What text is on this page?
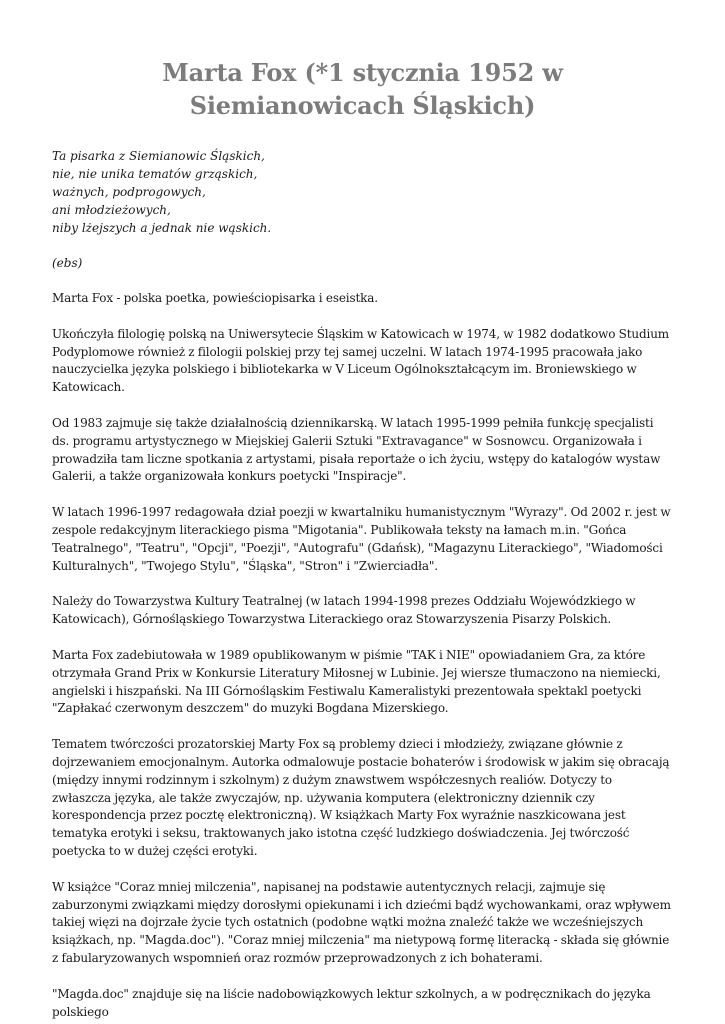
Marta Fox (*1 stycznia 1952 w Siemianowicach Śląskich)
Ta pisarka z Siemianowic Śląskich,
nie, nie unika tematów grząskich,
ważnych, podprogowych,
ani młodzieżowych,
niby lżejszych a jednak nie wąskich.
(ebs)

Marta Fox - polska poetka, powieściopisarka i eseistka.

Ukończyła filologię polską na Uniwersytecie Śląskim w Katowicach w 1974, w 1982 dodatkowo Studium Podyplomowe również z filologii polskiej przy tej samej uczelni. W latach 1974-1995 pracowała jako nauczycielka języka polskiego i bibliotekarka w V Liceum Ogólnokształcącym im. Broniewskiego w Katowicach.

Od 1983 zajmuje się także działalnością dziennikarską. W latach 1995-1999 pełniła funkcję specjalisti ds. programu artystycznego w Miejskiej Galerii Sztuki "Extravagance" w Sosnowcu. Organizowała i prowadziła tam liczne spotkania z artystami, pisała reportaże o ich życiu, wstępy do katalogów wystaw Galerii, a także organizowała konkurs poetycki "Inspiracje".

W latach 1996-1997 redagowała dział poezji w kwartalniku humanistycznym "Wyrazy". Od 2002 r. jest w zespole redakcyjnym literackiego pisma "Migotania". Publikowała teksty na łamach m.in. "Gońca Teatralnego", "Teatru", "Opcji", "Poezji", "Autografu" (Gdańsk), "Magazynu Literackiego", "Wiadomości Kulturalnych", "Twojego Stylu", "Śląska", "Stron" i "Zwierciadła".

Należy do Towarzystwa Kultury Teatralnej (w latach 1994-1998 prezes Oddziału Wojewódzkiego w Katowicach), Górnośląskiego Towarzystwa Literackiego oraz Stowarzyszenia Pisarzy Polskich.

Marta Fox zadebiutowała w 1989 opublikowanym w piśmie "TAK i NIE" opowiadaniem Gra, za które otrzymała Grand Prix w Konkursie Literatury Miłosnej w Lubinie. Jej wiersze tłumaczono na niemiecki, angielski i hiszpański. Na III Górnośląskim Festiwalu Kameralistyki prezentowała spektakl poetycki "Zapłakać czerwonym deszczem" do muzyki Bogdana Mizerskiego.

Tematem twórczości prozatorskiej Marty Fox są problemy dzieci i młodzieży, związane głównie z dojrzewaniem emocjonalnym. Autorka odmalowuje postacie bohaterów i środowisk w jakim się obracają (między innymi rodzinnym i szkolnym) z dużym znawstwem współczesnych realiów. Dotyczy to zwłaszcza języka, ale także zwyczajów, np. używania komputera (elektroniczny dziennik czy korespondencja przez pocztę elektroniczną). W książkach Marty Fox wyraźnie naszkicowana jest tematyka erotyki i seksu, traktowanych jako istotna część ludzkiego doświadczenia. Jej twórczość poetycka to w dużej części erotyki.

W książce "Coraz mniej milczenia", napisanej na podstawie autentycznych relacji, zajmuje się zaburzonymi związkami między dorosłymi opiekunami i ich dziećmi bądź wychowankami, oraz wpływem takiej więzi na dojrzałe życie tych ostatnich (podobne wątki można znaleźć także we wcześniejszych książkach, np. "Magda.doc"). "Coraz mniej milczenia" ma nietypową formę literacką - składa się głównie z fabularyzowanych wspomnień oraz rozmów przeprowadzonych z ich bohaterami.

"Magda.doc" znajduje się na liście nadobowiązkowych lektur szkolnych, a w podręcznikach do języka polskiego
